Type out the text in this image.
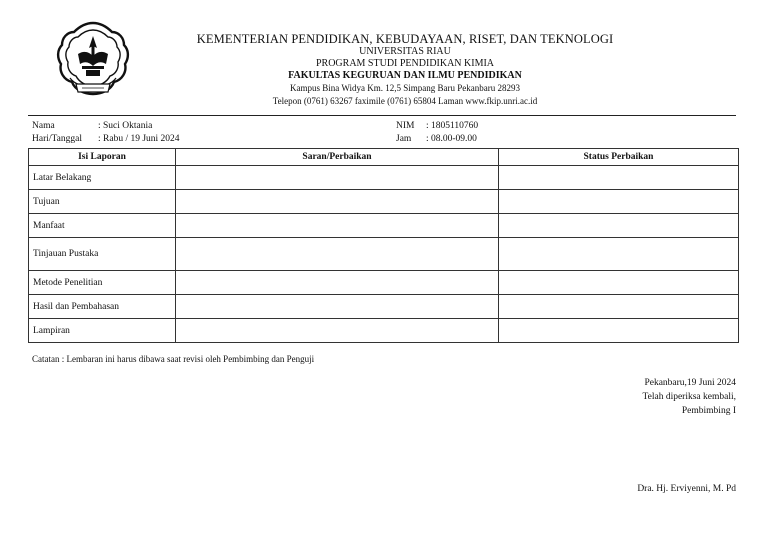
KEMENTERIAN PENDIDIKAN, KEBUDAYAAN, RISET, DAN TEKNOLOGI
UNIVERSITAS RIAU
PROGRAM STUDI PENDIDIKAN KIMIA
FAKULTAS KEGURUAN DAN ILMU PENDIDIKAN
Kampus Bina Widya Km. 12,5 Simpang Baru Pekanbaru 28293
Telepon (0761) 63267 faximile (0761) 65804 Laman www.fkip.unri.ac.id
Nama	: Suci Oktania
Hari/Tanggal : Rabu / 19 Juni 2024
NIM : 1805110760
Jam : 08.00-09.00
Isi Laporan	Saran/Perbaikan	Status Perbaikan
Latar Belakang		
Tujuan		
Manfaat		
Tinjauan Pustaka		
Metode Penelitian		
Hasil dan Pembahasan		
Lampiran		
Catatan : Lembaran ini harus dibawa saat revisi oleh Pembimbing dan Penguji
Pekanbaru,19 Juni 2024
Telah diperiksa kembali,
Pembimbing I
Dra. Hj. Erviyenni, M. Pd
